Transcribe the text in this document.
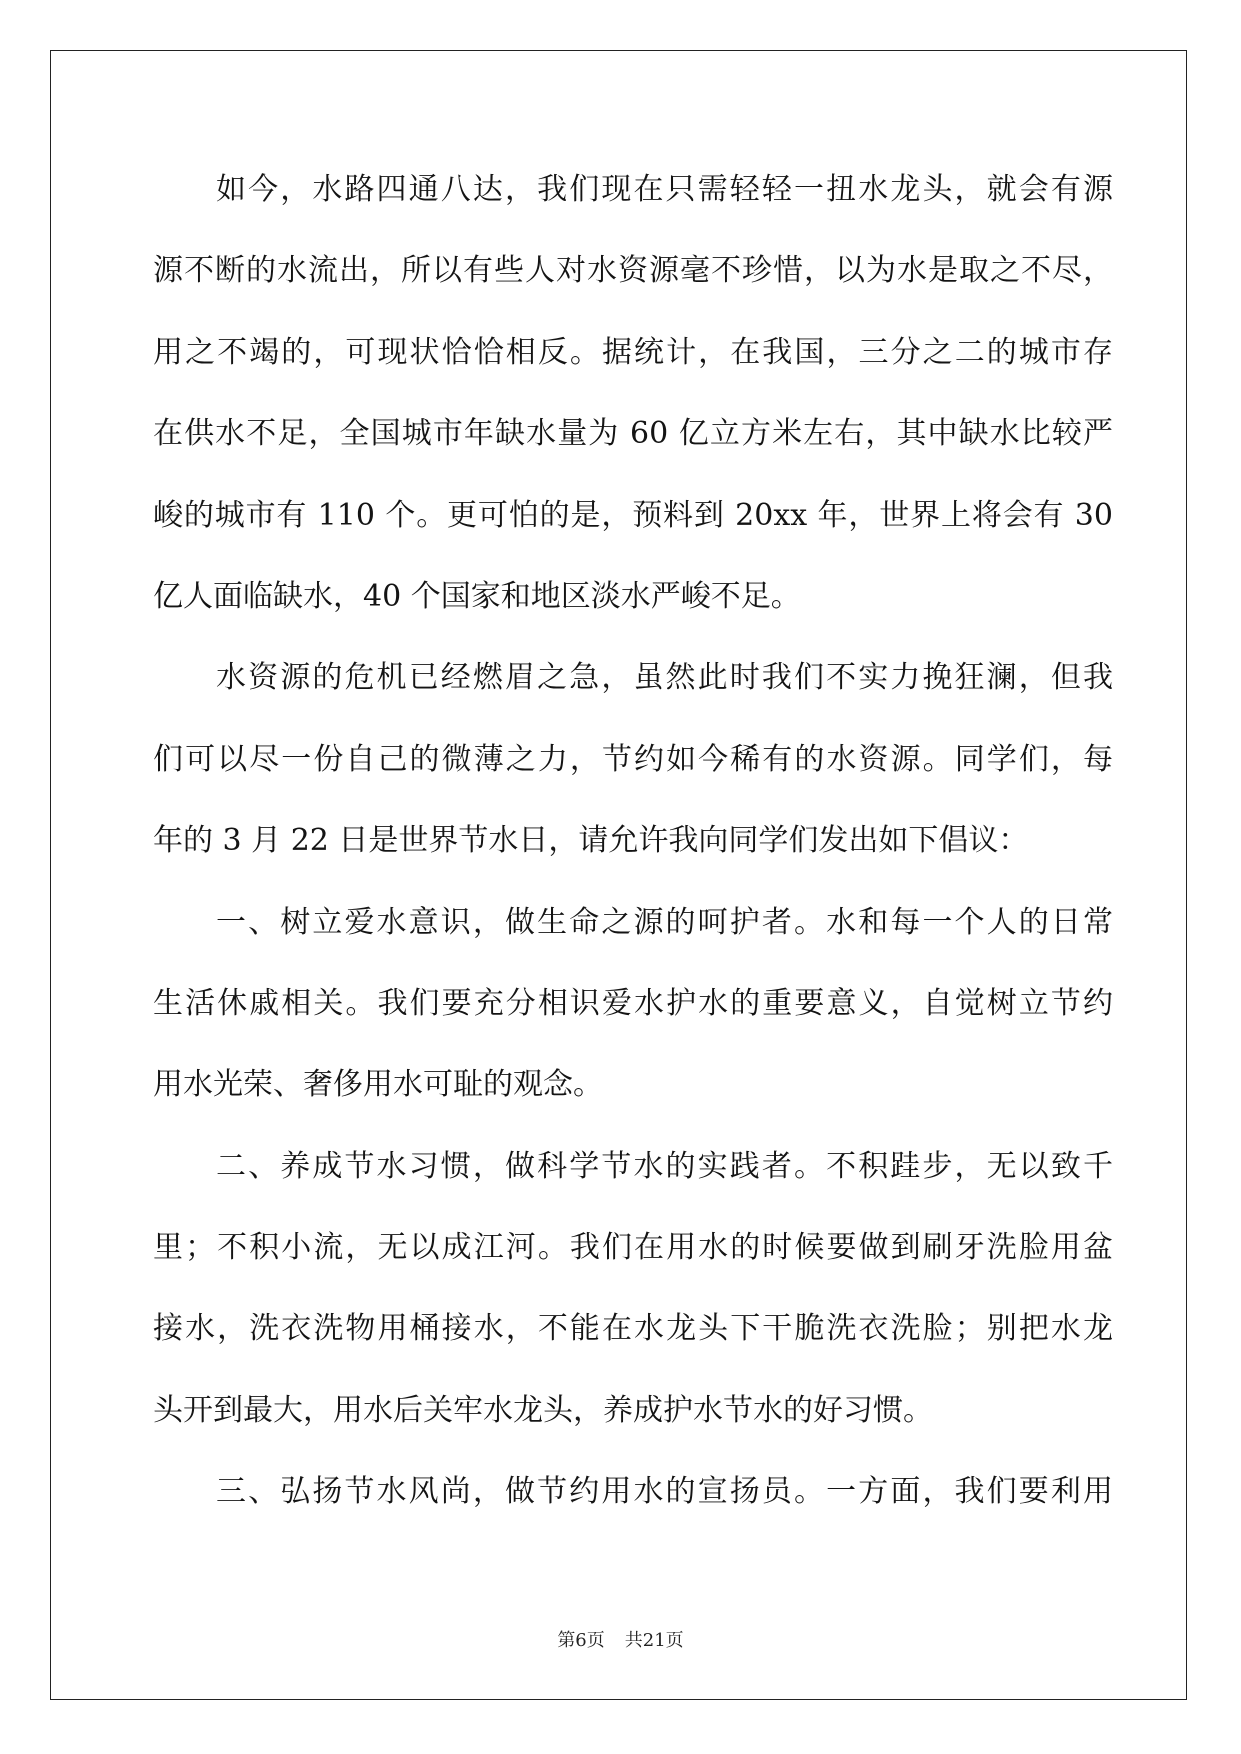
如今，水路四通八达，我们现在只需轻轻一扭水龙头，就会有源
源不断的水流出，所以有些人对水资源毫不珍惜，以为水是取之不尽，
用之不竭的，可现状恰恰相反。据统计，在我国，三分之二的城市存
在供水不足，全国城市年缺水量为 60 亿立方米左右，其中缺水比较严
峻的城市有 110 个。更可怕的是，预料到 20xx 年，世界上将会有 30
亿人面临缺水，40 个国家和地区淡水严峻不足。
水资源的危机已经燃眉之急，虽然此时我们不实力挽狂澜，但我
们可以尽一份自己的微薄之力，节约如今稀有的水资源。同学们，每
年的 3 月 22 日是世界节水日，请允许我向同学们发出如下倡议：
一、树立爱水意识，做生命之源的呵护者。水和每一个人的日常
生活休戚相关。我们要充分相识爱水护水的重要意义，自觉树立节约
用水光荣、奢侈用水可耻的观念。
二、养成节水习惯，做科学节水的实践者。不积跬步，无以致千
里；不积小流，无以成江河。我们在用水的时候要做到刷牙洗脸用盆
接水，洗衣洗物用桶接水，不能在水龙头下干脆洗衣洗脸；别把水龙
头开到最大，用水后关牢水龙头，养成护水节水的好习惯。
三、弘扬节水风尚，做节约用水的宣扬员。一方面，我们要利用
第6页 共21页
